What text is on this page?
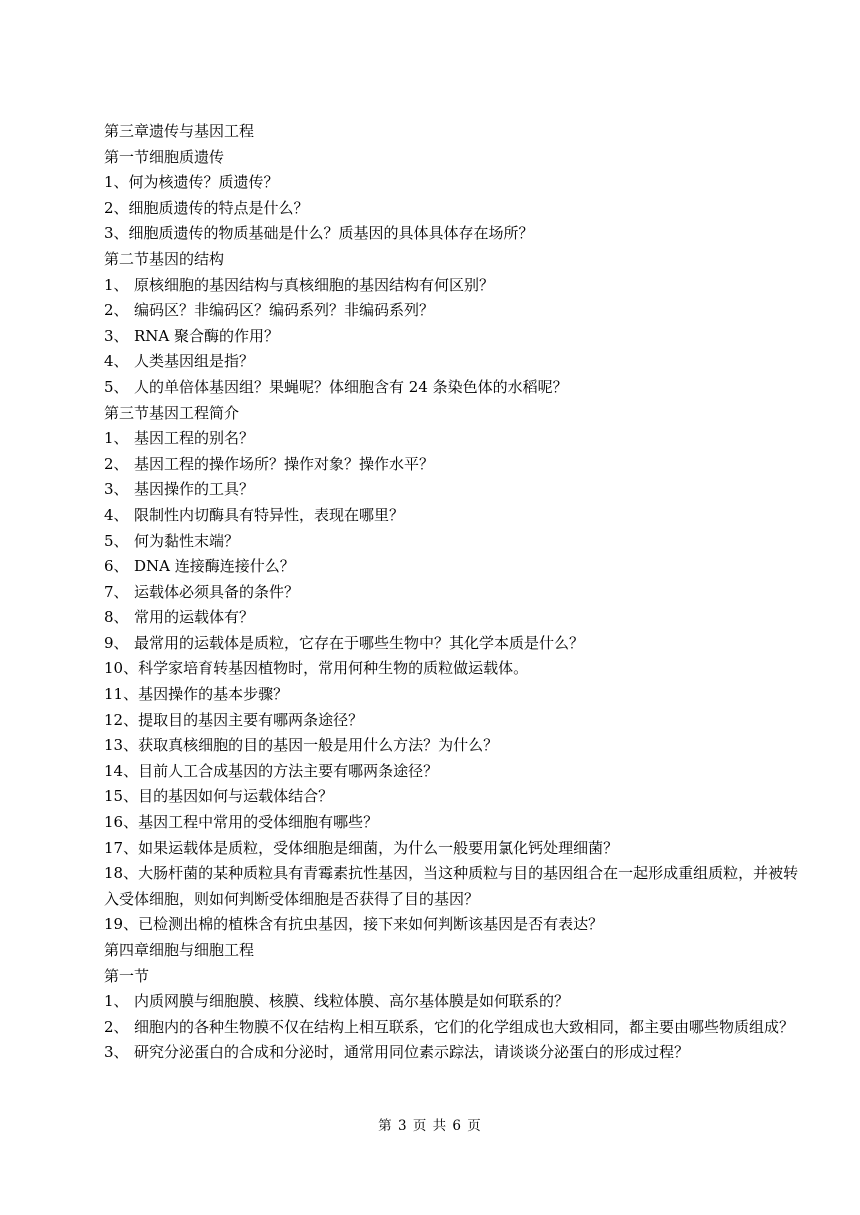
第三章遗传与基因工程
第一节细胞质遗传
1、何为核遗传？质遗传？
2、细胞质遗传的特点是什么？
3、细胞质遗传的物质基础是什么？质基因的具体具体存在场所？
第二节基因的结构
1、 原核细胞的基因结构与真核细胞的基因结构有何区别？
2、 编码区？非编码区？编码系列？非编码系列？
3、 RNA 聚合酶的作用？
4、 人类基因组是指？
5、 人的单倍体基因组？果蝇呢？体细胞含有 24 条染色体的水稻呢？
第三节基因工程简介
1、 基因工程的别名？
2、 基因工程的操作场所？操作对象？操作水平？
3、 基因操作的工具？
4、 限制性内切酶具有特异性，表现在哪里？
5、 何为黏性末端？
6、 DNA 连接酶连接什么？
7、 运载体必须具备的条件？
8、 常用的运载体有？
9、 最常用的运载体是质粒，它存在于哪些生物中？其化学本质是什么？
10、科学家培育转基因植物时，常用何种生物的质粒做运载体。
11、基因操作的基本步骤？
12、提取目的基因主要有哪两条途径？
13、获取真核细胞的目的基因一般是用什么方法？为什么？
14、目前人工合成基因的方法主要有哪两条途径？
15、目的基因如何与运载体结合？
16、基因工程中常用的受体细胞有哪些？
17、如果运载体是质粒，受体细胞是细菌，为什么一般要用氯化钙处理细菌？
18、大肠杆菌的某种质粒具有青霉素抗性基因，当这种质粒与目的基因组合在一起形成重组质粒，并被转入受体细胞，则如何判断受体细胞是否获得了目的基因？
19、已检测出棉的植株含有抗虫基因，接下来如何判断该基因是否有表达？
第四章细胞与细胞工程
第一节
1、 内质网膜与细胞膜、核膜、线粒体膜、高尔基体膜是如何联系的？
2、 细胞内的各种生物膜不仅在结构上相互联系，它们的化学组成也大致相同，都主要由哪些物质组成？
3、 研究分泌蛋白的合成和分泌时，通常用同位素示踪法，请谈谈分泌蛋白的形成过程？
第 3 页 共 6 页
